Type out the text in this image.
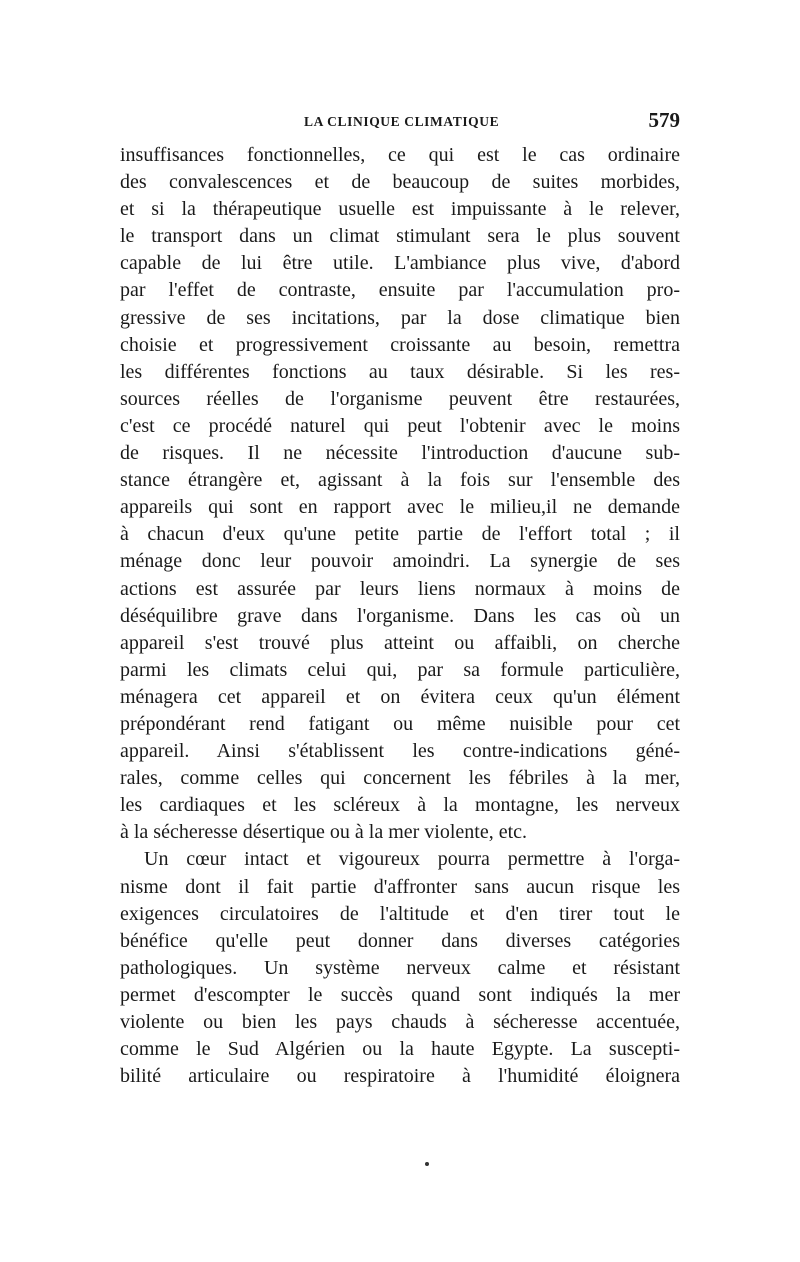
LA CLINIQUE CLIMATIQUE	579
insuffisances fonctionnelles, ce qui est le cas ordinaire
des convalescences et de beaucoup de suites morbides,
et si la thérapeutique usuelle est impuissante à le relever,
le transport dans un climat stimulant sera le plus souvent
capable de lui être utile. L'ambiance plus vive, d'abord
par l'effet de contraste, ensuite par l'accumulation pro-
gressive de ses incitations, par la dose climatique bien
choisie et progressivement croissante au besoin, remettra
les différentes fonctions au taux désirable. Si les res-
sources réelles de l'organisme peuvent être restaurées,
c'est ce procédé naturel qui peut l'obtenir avec le moins
de risques. Il ne nécessite l'introduction d'aucune sub-
stance étrangère et, agissant à la fois sur l'ensemble des
appareils qui sont en rapport avec le milieu,il ne demande
à chacun d'eux qu'une petite partie de l'effort total ; il
ménage donc leur pouvoir amoindri. La synergie de ses
actions est assurée par leurs liens normaux à moins de
déséquilibre grave dans l'organisme. Dans les cas où un
appareil s'est trouvé plus atteint ou affaibli, on cherche
parmi les climats celui qui, par sa formule particulière,
ménagera cet appareil et on évitera ceux qu'un élément
prépondérant rend fatigant ou même nuisible pour cet
appareil. Ainsi s'établissent les contre-indications géné-
rales, comme celles qui concernent les fébriles à la mer,
les cardiaques et les scléreux à la montagne, les nerveux
à la sécheresse désertique ou à la mer violente, etc.
Un cœur intact et vigoureux pourra permettre à l'orga-
nisme dont il fait partie d'affronter sans aucun risque les
exigences circulatoires de l'altitude et d'en tirer tout le
bénéfice qu'elle peut donner dans diverses catégories
pathologiques. Un système nerveux calme et résistant
permet d'escompter le succès quand sont indiqués la mer
violente ou bien les pays chauds à sécheresse accentuée,
comme le Sud Algérien ou la haute Egypte. La suscepti-
bilité articulaire ou respiratoire à l'humidité éloignera
